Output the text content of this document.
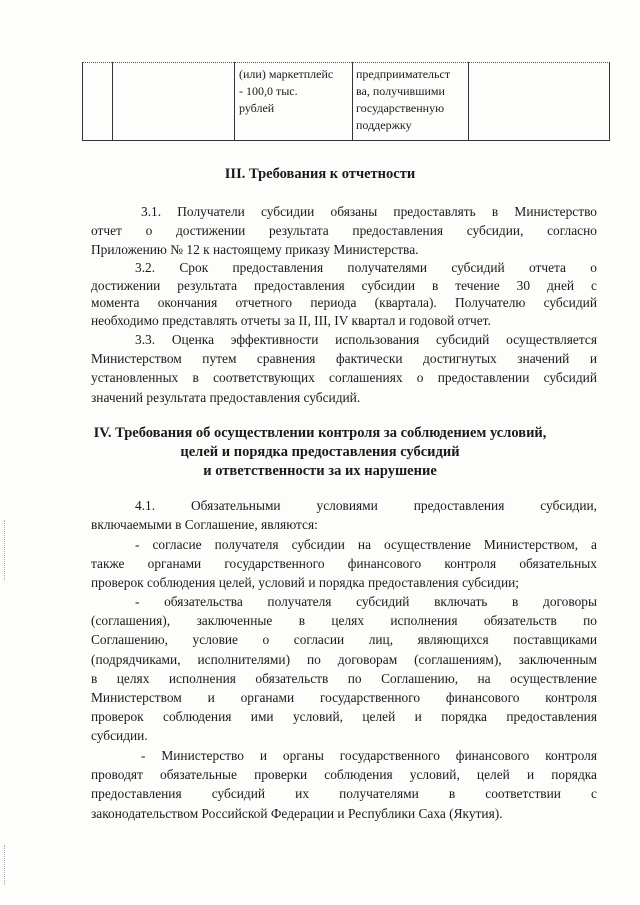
(или) маркетплейс
- 100,0 тыс.
рублей
предприимательст
ва, получившими
государственную
поддержку
III. Требования к отчетности
3.1. Получатели субсидии обязаны предоставлять в Министерство
отчет о достижении результата предоставления субсидии, согласно
Приложению № 12 к настоящему приказу Министерства.
3.2. Срок предоставления получателями субсидий отчета о
достижении результата предоставления субсидии в течение 30 дней с
момента окончания отчетного периода (квартала). Получателю субсидий
необходимо представлять отчеты за II, III, IV квартал и годовой отчет.
3.3. Оценка эффективности использования субсидий осуществляется
Министерством путем сравнения фактически достигнутых значений и
установленных в соответствующих соглашениях о предоставлении субсидий
значений результата предоставления субсидий.
IV. Требования об осуществлении контроля за соблюдением условий,
целей и порядка предоставления субсидий
и ответственности за их нарушение
4.1. Обязательными условиями предоставления субсидии,
включаемыми в Соглашение, являются:
- согласие получателя субсидии на осуществление Министерством, а
также органами государственного финансового контроля обязательных
проверок соблюдения целей, условий и порядка предоставления субсидии;
- обязательства получателя субсидий включать в договоры
(соглашения), заключенные в целях исполнения обязательств по
Соглашению, условие о согласии лиц, являющихся поставщиками
(подрядчиками, исполнителями) по договорам (соглашениям), заключенным
в целях исполнения обязательств по Соглашению, на осуществление
Министерством и органами государственного финансового контроля
проверок соблюдения ими условий, целей и порядка предоставления
субсидии.
- Министерство и органы государственного финансового контроля
проводят обязательные проверки соблюдения условий, целей и порядка
предоставления субсидий их получателями в соответствии с
законодательством Российской Федерации и Республики Саха (Якутия).
